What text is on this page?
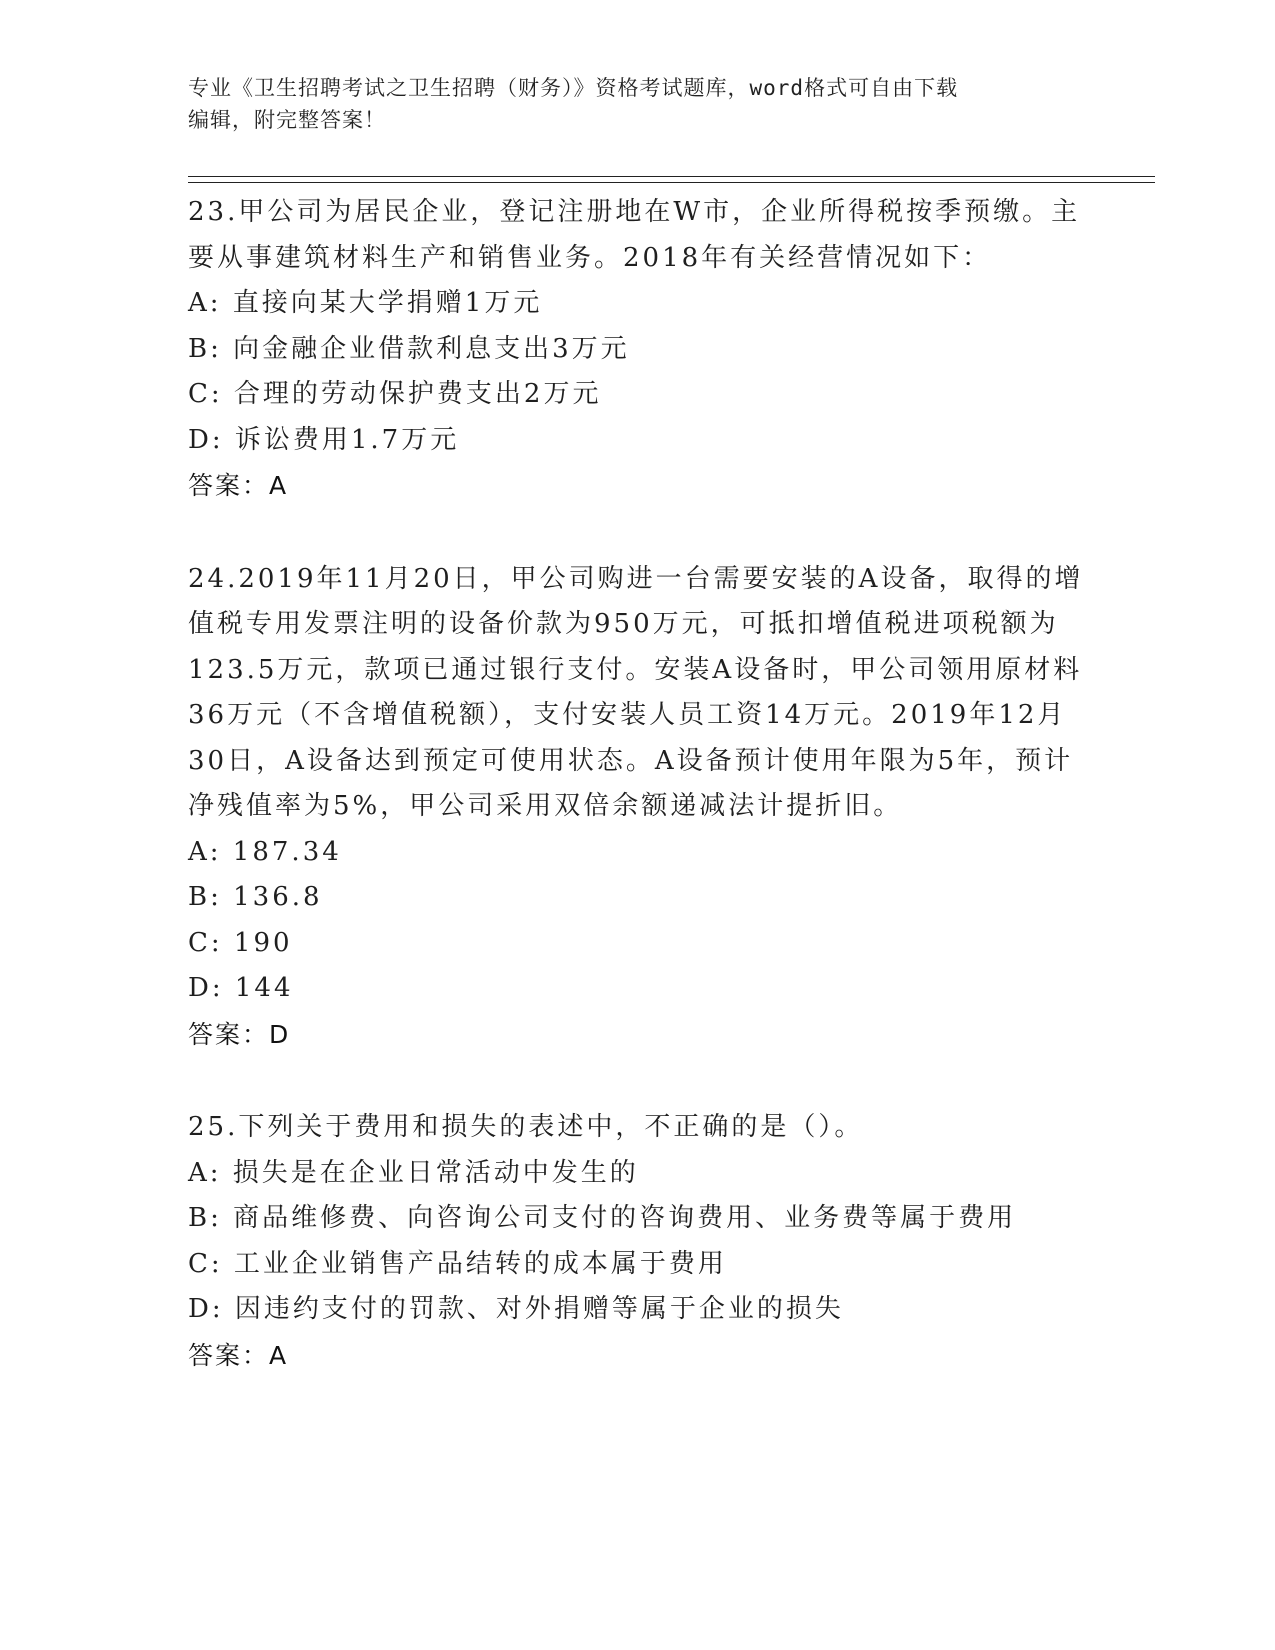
专业《卫生招聘考试之卫生招聘（财务）》资格考试题库，word格式可自由下载

编辑，附完整答案！

23.甲公司为居民企业，登记注册地在W市，企业所得税按季预缴。主
要从事建筑材料生产和销售业务。2018年有关经营情况如下：
A: 直接向某大学捐赠1万元
B: 向金融企业借款利息支出3万元
C: 合理的劳动保护费支出2万元
D: 诉讼费用1.7万元
答案：A
24.2019年11月20日，甲公司购进一台需要安装的A设备，取得的增
值税专用发票注明的设备价款为950万元，可抵扣增值税进项税额为
123.5万元，款项已通过银行支付。安装A设备时，甲公司领用原材料
36万元（不含增值税额），支付安装人员工资14万元。2019年12月
30日，A设备达到预定可使用状态。A设备预计使用年限为5年，预计
净残值率为5%，甲公司采用双倍余额递减法计提折旧。
A: 187.34
B: 136.8
C: 190
D: 144
答案：D
25.下列关于费用和损失的表述中，不正确的是（）。
A: 损失是在企业日常活动中发生的
B: 商品维修费、向咨询公司支付的咨询费用、业务费等属于费用
C: 工业企业销售产品结转的成本属于费用
D: 因违约支付的罚款、对外捐赠等属于企业的损失
答案：A
